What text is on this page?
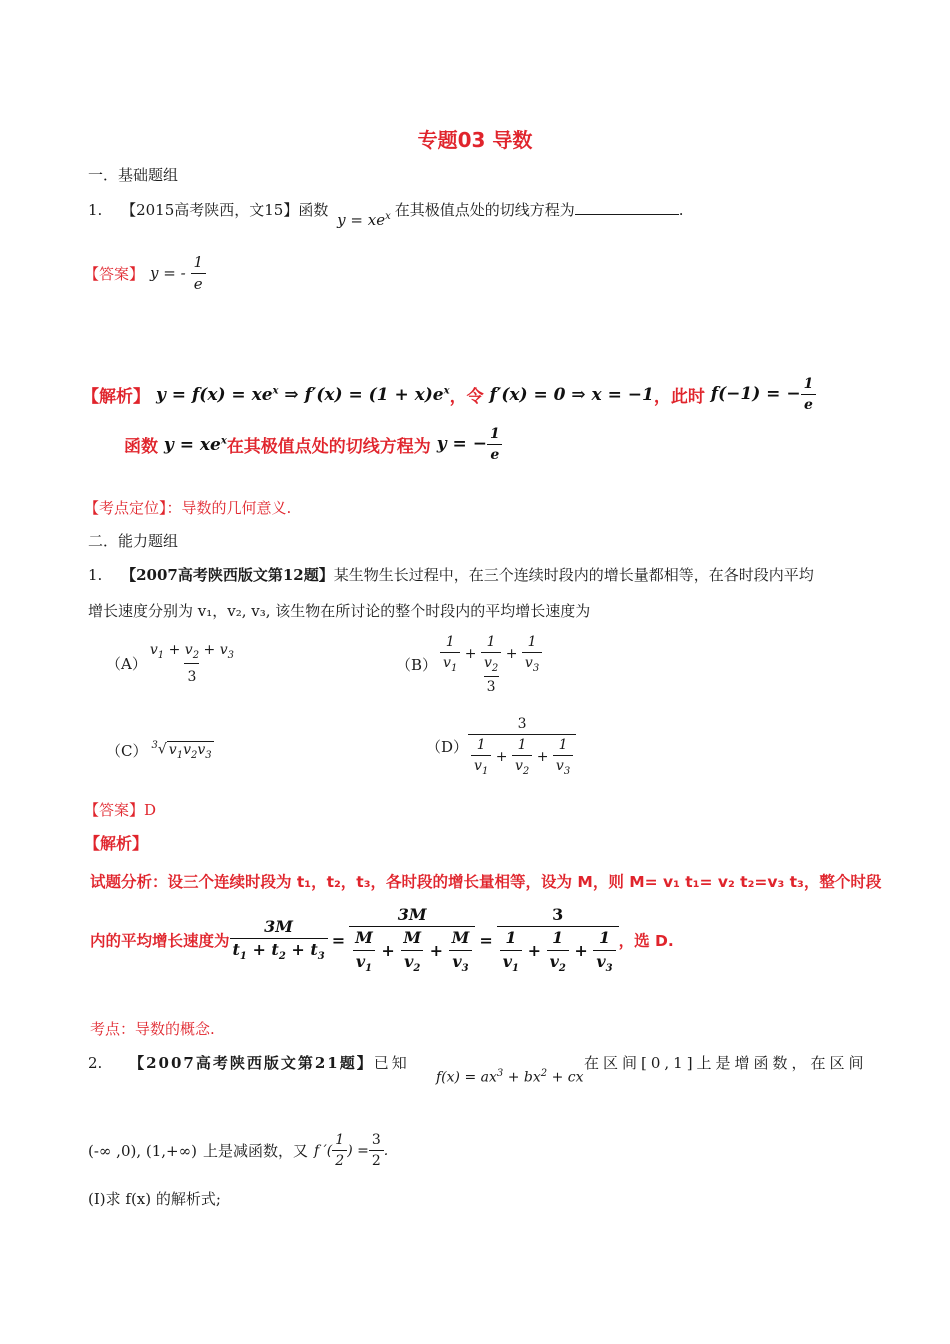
专题03 导数
一．基础题组
1. 【2015高考陕西，文15】函数 $y = xe^x$ 在其极值点处的切线方程为	.
【答案】 y = - $\frac{1}{e}$
【解析】 $y = f(x) = xe^x$ ⇒ $f'(x) = (1 + x)e^x$ ，令 f′(x) = 0 ⇒ x = −1 ，此时 f(−1) = − $\frac{1}{e}$
函数 $y = xe^x$ 在其极值点处的切线方程为 y = − $\frac{1}{e}$
【考点定位】：导数的几何意义.
二．能力题组
1. 【2007高考陕西版文第12题】某生物生长过程中，在三个连续时段内的增长量都相等，在各时段内平均
增长速度分别为 v₁，v₂, v₃, 该生物在所讨论的整个时段内的平均增长速度为
$(A) \frac{v_1 + v_2 + v_3}{3}$	$(B) \frac{\frac{1}{v_1} + \frac{1}{v_2} + \frac{1}{v_3}}{3}$
（C） $^3$√ $v_1v_2v_3$	$(D) \frac{3}{\frac{1}{v_1} + \frac{1}{v_2} + \frac{1}{v_3}}$
【答案】D
【解析】
试题分析：设三个连续时段为 t₁，t₂，t₃，各时段的增长量相等，设为 M，则 M= v₁ t₁= v₂ t₂=v₃ t₃，整个时段
内的平均增长速度为 $\frac{3M}{t_1 + t_2 + t_3} = \frac{3M}{\frac{M}{v_1} + \frac{M}{v_2} + \frac{M}{v_3}} = \frac{3}{\frac{1}{v_1} + \frac{1}{v_2} + \frac{1}{v_3}}$ ，选 D.
考点：导数的概念.
2. 【2007高考陕西版文第21题】已知
$f(x) = ax^3 + bx^2$ + cx
在区间[0,1]上是增函数，在区间
(-∞ ,0), (1,+∞) 上是减函数，又 f ′( $\frac{1}{2}$ ) = $\frac{3}{2}$ .
(Ⅰ)求 f(x) 的解析式;
